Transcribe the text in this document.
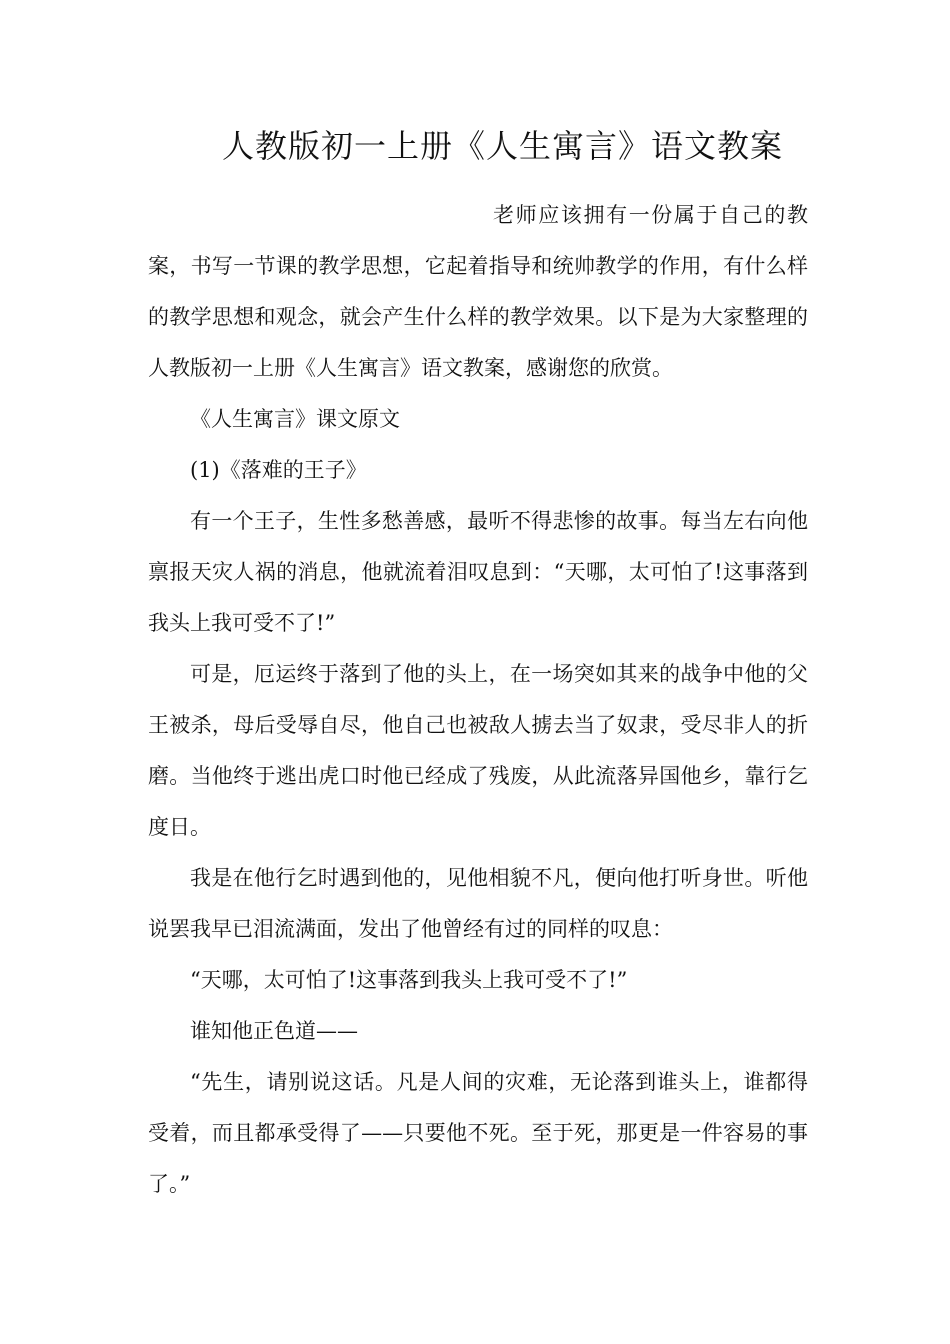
人教版初一上册《人生寓言》语文教案

老师应该拥有一份属于自己的教案，书写一节课的教学思想，它起着指导和统帅教学的作用，有什么样的教学思想和观念，就会产生什么样的教学效果。以下是为大家整理的人教版初一上册《人生寓言》语文教案，感谢您的欣赏。

《人生寓言》课文原文

(1)《落难的王子》

有一个王子，生性多愁善感，最听不得悲惨的故事。每当左右向他禀报天灾人祸的消息，他就流着泪叹息到：“天哪，太可怕了!这事落到我头上我可受不了!”

可是，厄运终于落到了他的头上，在一场突如其来的战争中他的父王被杀，母后受辱自尽，他自己也被敌人掳去当了奴隶，受尽非人的折磨。当他终于逃出虎口时他已经成了残废，从此流落异国他乡，靠行乞度日。

我是在他行乞时遇到他的，见他相貌不凡，便向他打听身世。听他说罢我早已泪流满面，发出了他曾经有过的同样的叹息：

“天哪，太可怕了!这事落到我头上我可受不了!”

谁知他正色道——

“先生，请别说这话。凡是人间的灾难，无论落到谁头上，谁都得受着，而且都承受得了——只要他不死。至于死，那更是一件容易的事了。”
